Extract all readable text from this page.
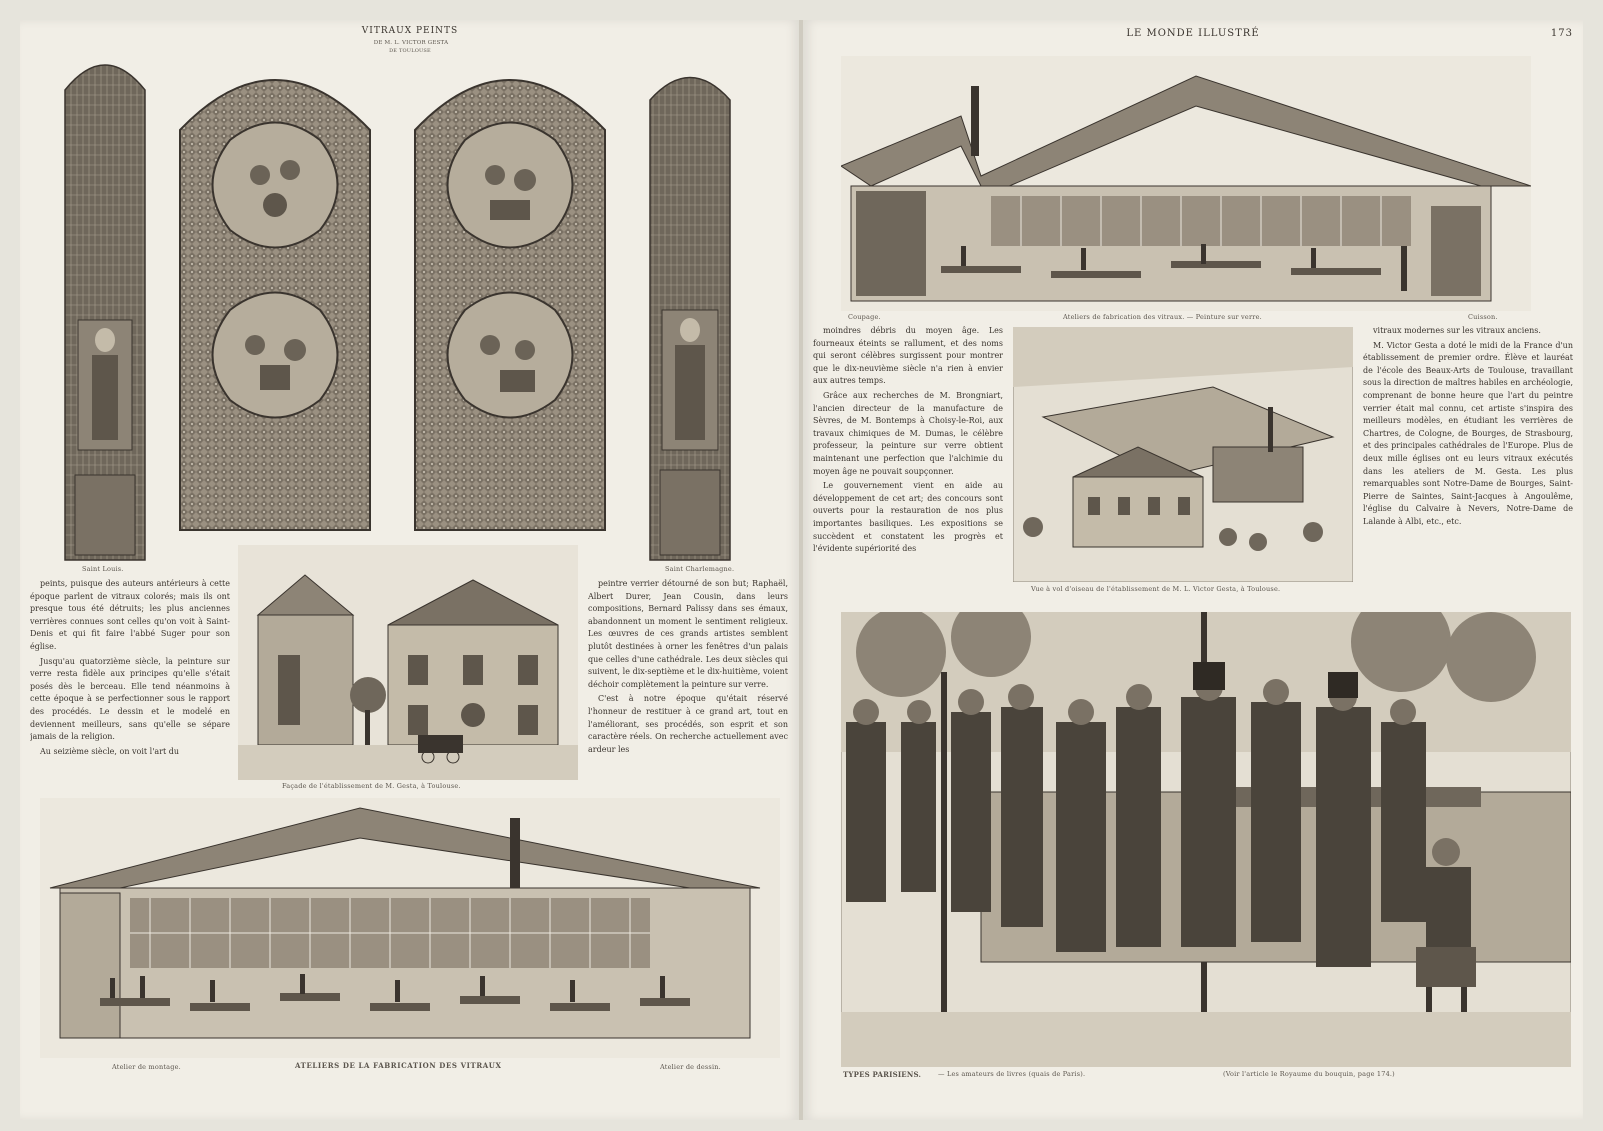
VITRAUX PEINTS
DE M. L. VICTOR GESTA
DE TOULOUSE
Saint Louis.	Saint Charlemagne.

peints, puisque des auteurs antérieurs à cette époque parlent de vitraux colorés; mais ils ont presque tous été détruits; les plus anciennes verrières connues sont celles qu'on voit à Saint-Denis et qui fit faire l'abbé Suger pour son église.

Jusqu'au quatorzième siècle, la peinture sur verre resta fidèle aux principes qu'elle s'était posés dès le berceau. Elle tend néanmoins à cette époque à se perfectionner sous le rapport des procédés. Le dessin et le modelé en deviennent meilleurs, sans qu'elle se sépare jamais de la religion.

Au seizième siècle, on voit l'art du

Façade de l'établissement de M. Gesta, à Toulouse.

peintre verrier détourné de son but; Raphaël, Albert Durer, Jean Cousin, dans leurs compositions, Bernard Palissy dans ses émaux, abandonnent un moment le sentiment religieux. Les œuvres de ces grands artistes semblent plutôt destinées à orner les fenêtres d'un palais que celles d'une cathédrale. Les deux siècles qui suivent, le dix-septième et le dix-huitième, voient déchoir complètement la peinture sur verre.

C'est à notre époque qu'était réservé l'honneur de restituer à ce grand art, tout en l'améliorant, ses procédés, son esprit et son caractère réels. On recherche actuellement avec ardeur les

Atelier de montage.	ATELIERS DE LA FABRICATION DES VITRAUX	Atelier de dessin.
LE MONDE ILLUSTRÉ	173
Coupage.	Ateliers de fabrication des vitraux. — Peinture sur verre.	Cuisson.

moindres débris du moyen âge. Les fourneaux éteints se rallument, et des noms qui seront célèbres surgissent pour montrer que le dix-neuvième siècle n'a rien à envier aux autres temps.

Grâce aux recherches de M. Brongniart, l'ancien directeur de la manufacture de Sèvres, de M. Bontemps à Choisy-le-Roi, aux travaux chimiques de M. Dumas, le célèbre professeur, la peinture sur verre obtient maintenant une perfection que l'alchimie du moyen âge ne pouvait soupçonner.

Le gouvernement vient en aide au développement de cet art; des concours sont ouverts pour la restauration de nos plus importantes basiliques. Les expositions se succèdent et constatent les progrès et l'évidente supériorité des

Vue à vol d'oiseau de l'établissement de M. L. Victor Gesta, à Toulouse.

vitraux modernes sur les vitraux anciens.

M. Victor Gesta a doté le midi de la France d'un établissement de premier ordre. Élève et lauréat de l'école des Beaux-Arts de Toulouse, travaillant sous la direction de maîtres habiles en archéologie, comprenant de bonne heure que l'art du peintre verrier était mal connu, cet artiste s'inspira des meilleurs modèles, en étudiant les verrières de Chartres, de Cologne, de Bourges, de Strasbourg, et des principales cathédrales de l'Europe. Plus de deux mille églises ont eu leurs vitraux exécutés dans les ateliers de M. Gesta. Les plus remarquables sont Notre-Dame de Bourges, Saint-Pierre de Saintes, Saint-Jacques à Angoulême, l'église du Calvaire à Nevers, Notre-Dame de Lalande à Albi, etc., etc.

TYPES PARISIENS.	— Les amateurs de livres (quais de Paris).	(Voir l'article le Royaume du bouquin, page 174.)
